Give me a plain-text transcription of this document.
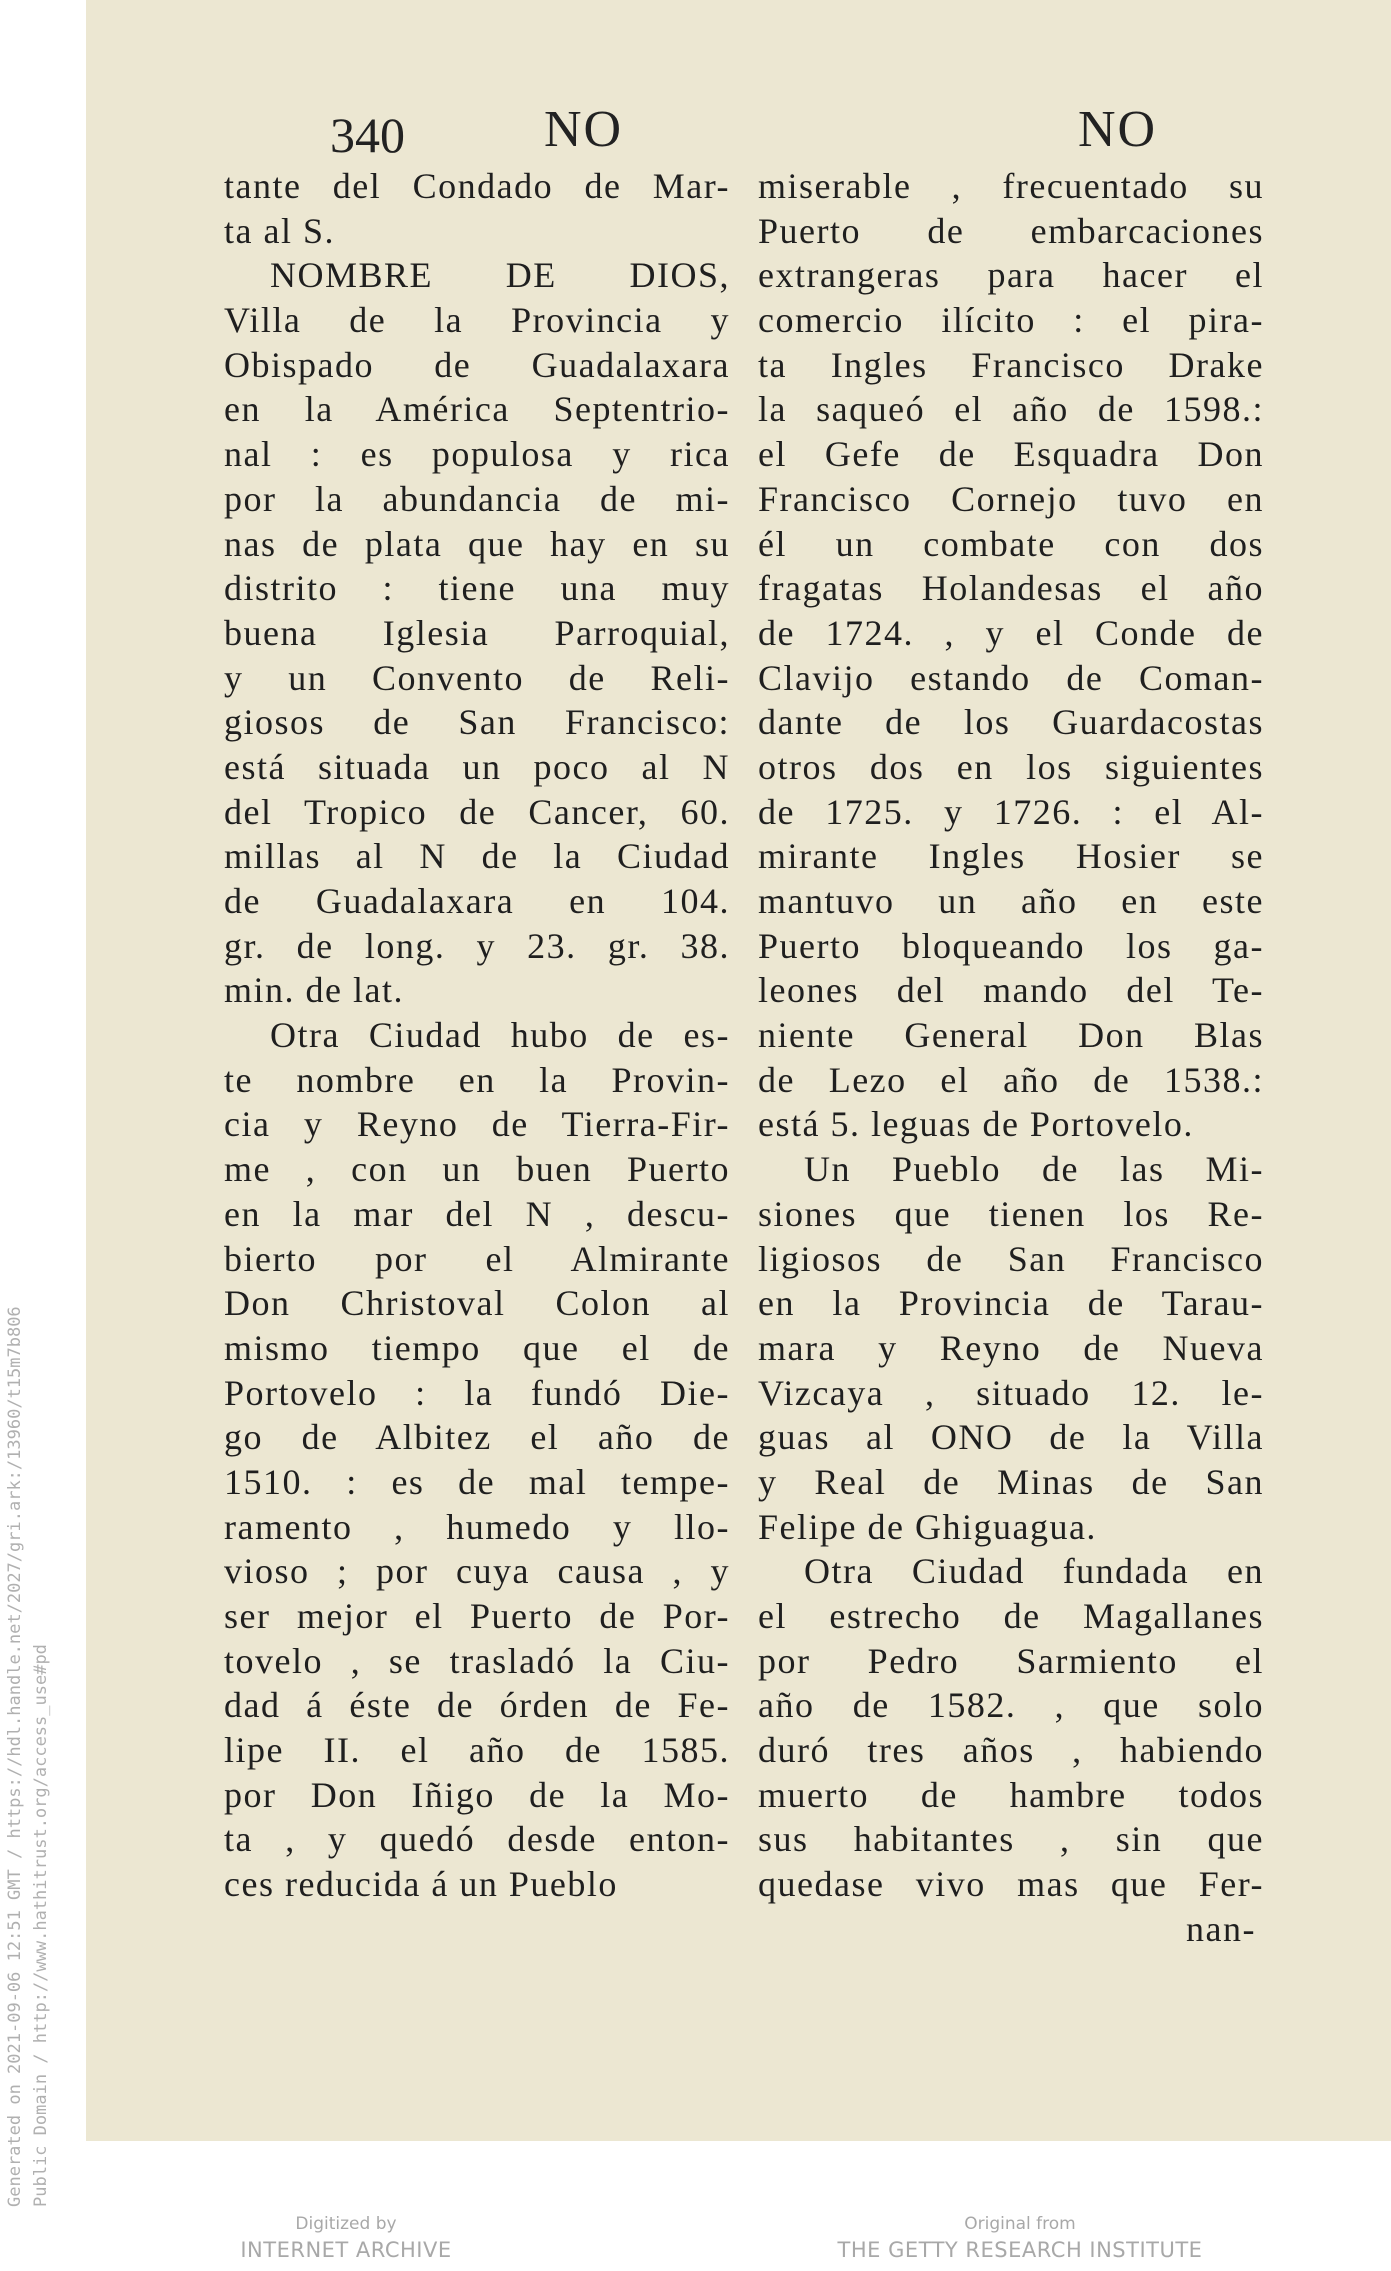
340	NO	NO
tante del Condado de Mar-
ta al S.
NOMBRE DE DIOS,
Villa de la Provincia y
Obispado de Guadalaxara
en la América Septentrio-
nal : es populosa y rica
por la abundancia de mi-
nas de plata que hay en su
distrito : tiene una muy
buena Iglesia Parroquial,
y un Convento de Reli-
giosos de San Francisco:
está situada un poco al N
del Tropico de Cancer, 60.
millas al N de la Ciudad
de Guadalaxara en 104.
gr. de long. y 23. gr. 38.
min. de lat.
Otra Ciudad hubo de es-
te nombre en la Provin-
cia y Reyno de Tierra-Fir-
me , con un buen Puerto
en la mar del N , descu-
bierto por el Almirante
Don Christoval Colon al
mismo tiempo que el de
Portovelo : la fundó Die-
go de Albitez el año de
1510. : es de mal tempe-
ramento , humedo y llo-
vioso ; por cuya causa , y
ser mejor el Puerto de Por-
tovelo , se trasladó la Ciu-
dad á éste de órden de Fe-
lipe II. el año de 1585.
por Don Iñigo de la Mo-
ta , y quedó desde enton-
ces reducida á un Pueblo
miserable , frecuentado su
Puerto de embarcaciones
extrangeras para hacer el
comercio ilícito : el pira-
ta Ingles Francisco Drake
la saqueó el año de 1598.:
el Gefe de Esquadra Don
Francisco Cornejo tuvo en
él un combate con dos
fragatas Holandesas el año
de 1724. , y el Conde de
Clavijo estando de Coman-
dante de los Guardacostas
otros dos en los siguientes
de 1725. y 1726. : el Al-
mirante Ingles Hosier se
mantuvo un año en este
Puerto bloqueando los ga-
leones del mando del Te-
niente General Don Blas
de Lezo el año de 1538.:
está 5. leguas de Portovelo.
Un Pueblo de las Mi-
siones que tienen los Re-
ligiosos de San Francisco
en la Provincia de Tarau-
mara y Reyno de Nueva
Vizcaya , situado 12. le-
guas al ONO de la Villa
y Real de Minas de San
Felipe de Ghiguagua.
Otra Ciudad fundada en
el estrecho de Magallanes
por Pedro Sarmiento el
año de 1582. , que solo
duró tres años , habiendo
muerto de hambre todos
sus habitantes , sin que
quedase vivo mas que Fer-
nan-
Generated on 2021-09-06 12:51 GMT / https://hdl.handle.net/2027/gri.ark:/13960/t15m7b806 Public Domain / http://www.hathitrust.org/access_use#pd
Digitized by
INTERNET ARCHIVE
Original from
THE GETTY RESEARCH INSTITUTE
